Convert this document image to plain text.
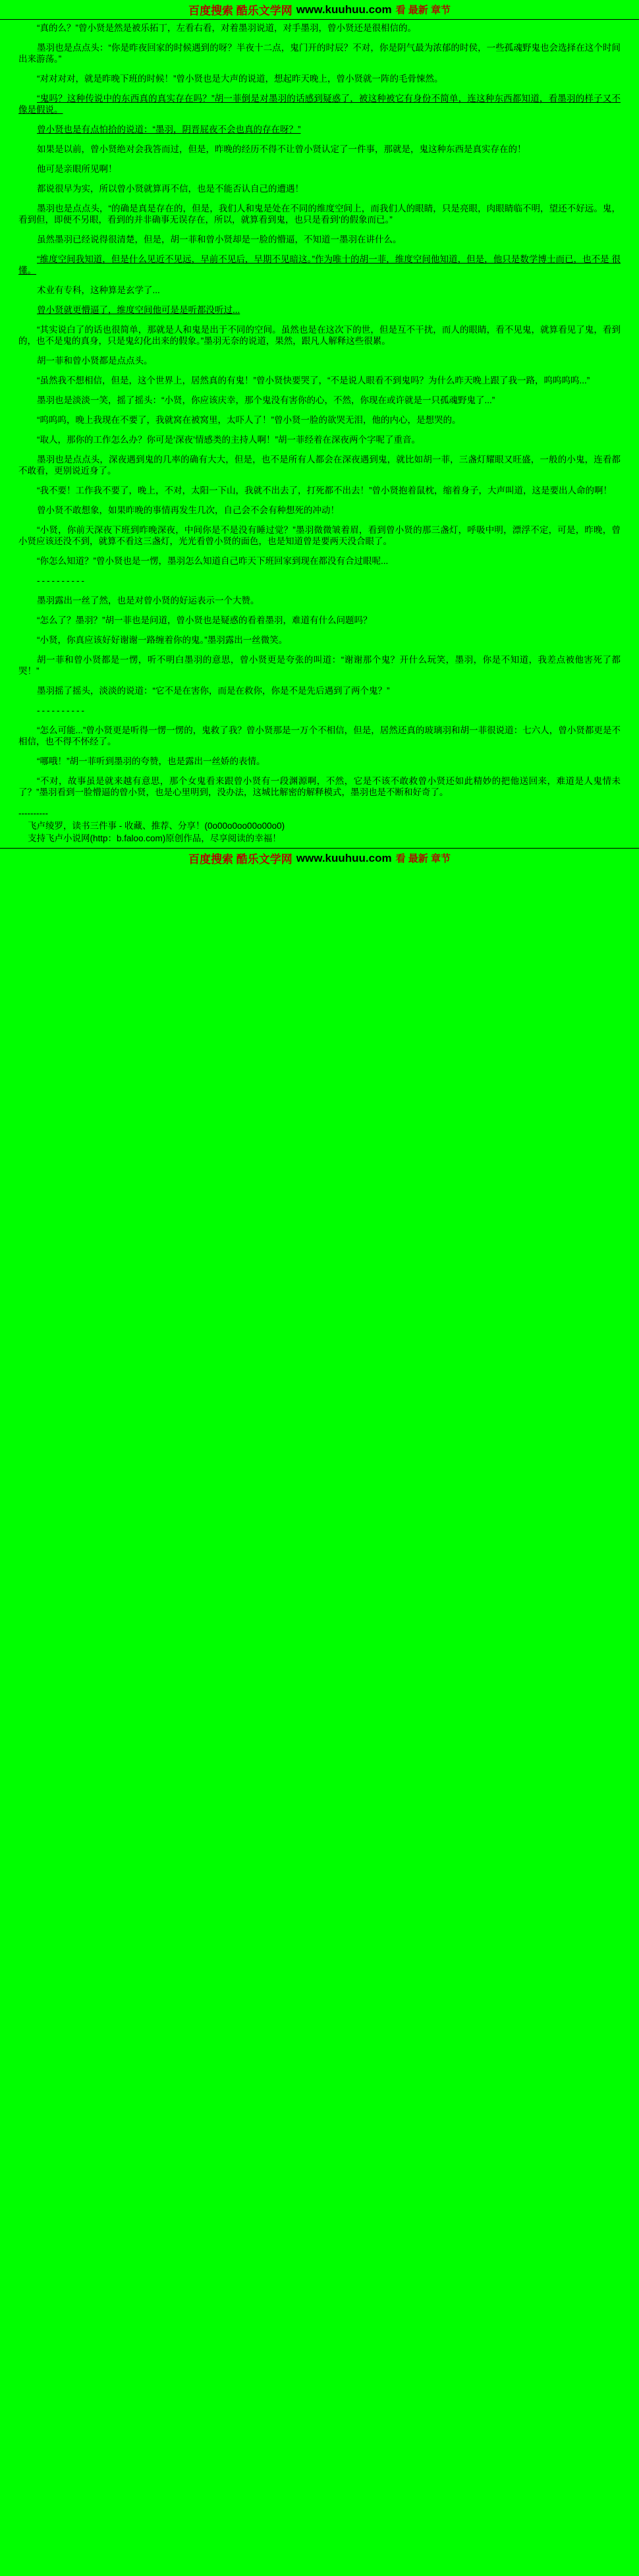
百度搜索 酷乐文学网 www.kuuhuu.com 看 最新 章节

“真的么？”曾小贤是然是被乐拓丁，左看右看，对着墨羽说道，对手墨羽，曾小贤还是很相信的。

墨羽也是点点头：“你是昨夜回家的时候遇到的呀？半夜十二点，鬼门开的时辰？不对，你是阴气最为浓郁的时侯，一些孤魂野鬼也会选择在这个时间出来游荡。”

“对对对对，就是昨晚下班的时候！”曾小贤也是大声的说道，想起昨天晚上，曾小贤就一阵的毛骨悚然。

“鬼吗？这种传说中的东西真的真实存在吗？”胡一菲倒是对墨羽的话感到疑惑了，被这种被它有身份不简单，连这种东西都知道，看墨羽的样子又不像是假说。

曾小贤也是有点怕拾的说道：“墨羽，阴晋屁夜不会也真的存在呀？”

如果是以前，曾小贤绝对会我答而过，但是，昨晚的经历不得不让曾小贤认定了一件事，那就是，鬼这种东西是真实存在的！

他可是亲眼所见啊！

都说很早为实，所以曾小贤就算再不信，也是不能否认自己的遭遇！

墨羽也是点点头，“的确是真是存在的，但是，我们人和鬼是处在不同的维度空间上，而我们人的眼睛，只是亮眼，肉眼睛临不明，望还不好远。鬼，看到但，即便不另眼，看到的并非确事无误存在，所以，就算看到鬼，也只是看到‘的假象而已。”

虽然墨羽已经说得很清楚，但是，胡一菲和曾小贤却是一脸的懵逼，不知道一墨羽在讲什么。

“维度空间我知道，但是什么见近不见远，早前不见后，早期不见暗这。”作为唯十的胡一菲，维度空间他知道，但是，他只是数学博士而已，也不是 很懂。

术业有专科，这种算是玄学了...

曾小贤就更懵逼了，维度空间他可是是听都没听过...

“其实说白了的话也很简单，那就是人和鬼是出于不同的空间。虽然也是在这次下的世，但是互不干扰，而人的眼睛，看不见鬼，就算看见了鬼，看到的，也不是鬼的真身，只是鬼幻化出来的假象。”墨羽无奈的说道，果然，跟凡人解释这些很累。

胡一菲和曾小贤都是点点头。

“虽然我不想相信，但是，这个世界上，居然真的有鬼！”曾小贤快要哭了，“不是说人眼看不到鬼吗？为什么昨天晚上跟了我一路，呜呜呜呜...”

墨羽也是淡淡一笑，摇了摇头：“小贤，你应该庆幸，那个鬼没有害你的心，不然，你现在或许就是一只孤魂野鬼了...”

“呜呜呜，晚上我现在不要了，我就窝在被窝里，太吓人了！”曾小贤一脸的欲哭无泪，他的内心，是想哭的。

“取人，那你的工作怎么办？你可是‘深夜’情感类的主持人啊！”胡一菲经着在深夜两个字呢了重音。

墨羽也是点点头，深夜遇到鬼的几率的确有大大，但是，也不是所有人都会在深夜遇到鬼，就比如胡一菲，三盏灯耀眼又旺盛，一般的小鬼，连看都不敢看，更别说近身了。

“我不要！工作我不要了，晚上，不对，太阳一下山，我就不出去了，打死都不出去！”曾小贤抱着鼠枕，缩着身子，大声叫道，这是要出人命的啊！

曾小贤不敢想象，如果昨晚的事情再发生几次，自己会不会有种想死的冲动！

“小贤，你前天深夜下班到昨晚深夜，中间你是不是没有睡过觉？”墨羽微微皱着眉，看到曾小贤的那三盏灯，呼吸中明，漂浮不定，可是，昨晚，曾小贤应该还没不到，就算不看这三盏灯，光光看曾小贤的面色，也是知道曾是要两天没合眼了。

“你怎么知道？”曾小贤也是一愣，墨羽怎么知道自己昨天下班回家到现在都没有合过眼呢...

----------

墨羽露出一丝了然，也是对曾小贤的好运表示一个大赞。

“怎么了？墨羽？”胡一菲也是问道，曾小贤也是疑惑的看着墨羽，难道有什么问题吗？

“小贤，你真应该好好谢谢一路缠着你的鬼。”墨羽露出一丝微笑。

胡一菲和曾小贤都是一愣，听不明白墨羽的意思，曾小贤更是夸张的叫道：“谢谢那个鬼？开什么玩笑，墨羽，你是不知道，我差点被他害死了都哭！”

墨羽摇了摇头，淡淡的说道：“它不是在害你，而是在救你，你是不是先后遇到了两个鬼？”

----------

“怎么可能...”曾小贤更是听得一愣一愣的，鬼救了我？曾小贤那是一万个不相信，但是，居然还真的玻璃羽和胡一菲很说道：七六人，曾小贤都更是不相信，也不得不怀经了。

“哪哦！”胡一菲听到墨羽的夸赞，也是露出一丝娇的表情。

“不对，故事虽是就来越有意思，那个女鬼看来跟曾小贤有一段渊源啊，不然，它是不该不敢救曾小贤还如此精妙的把他送回来，难道是人鬼情未了？”墨羽看到一脸懵逼的曾小贤，也是心里明到，没办法，这城比解密的解释模式，墨羽也是不断和好奇了。

----------

飞卢绫罗，读书三件事 - 收藏、推荐、分享！(0o00o0oo00o00o0)

支持飞卢小说网(http：b.faloo.com)原创作品，尽享阅读的幸福！

百度搜索 酷乐文学网 www.kuuhuu.com 看 最新 章节
